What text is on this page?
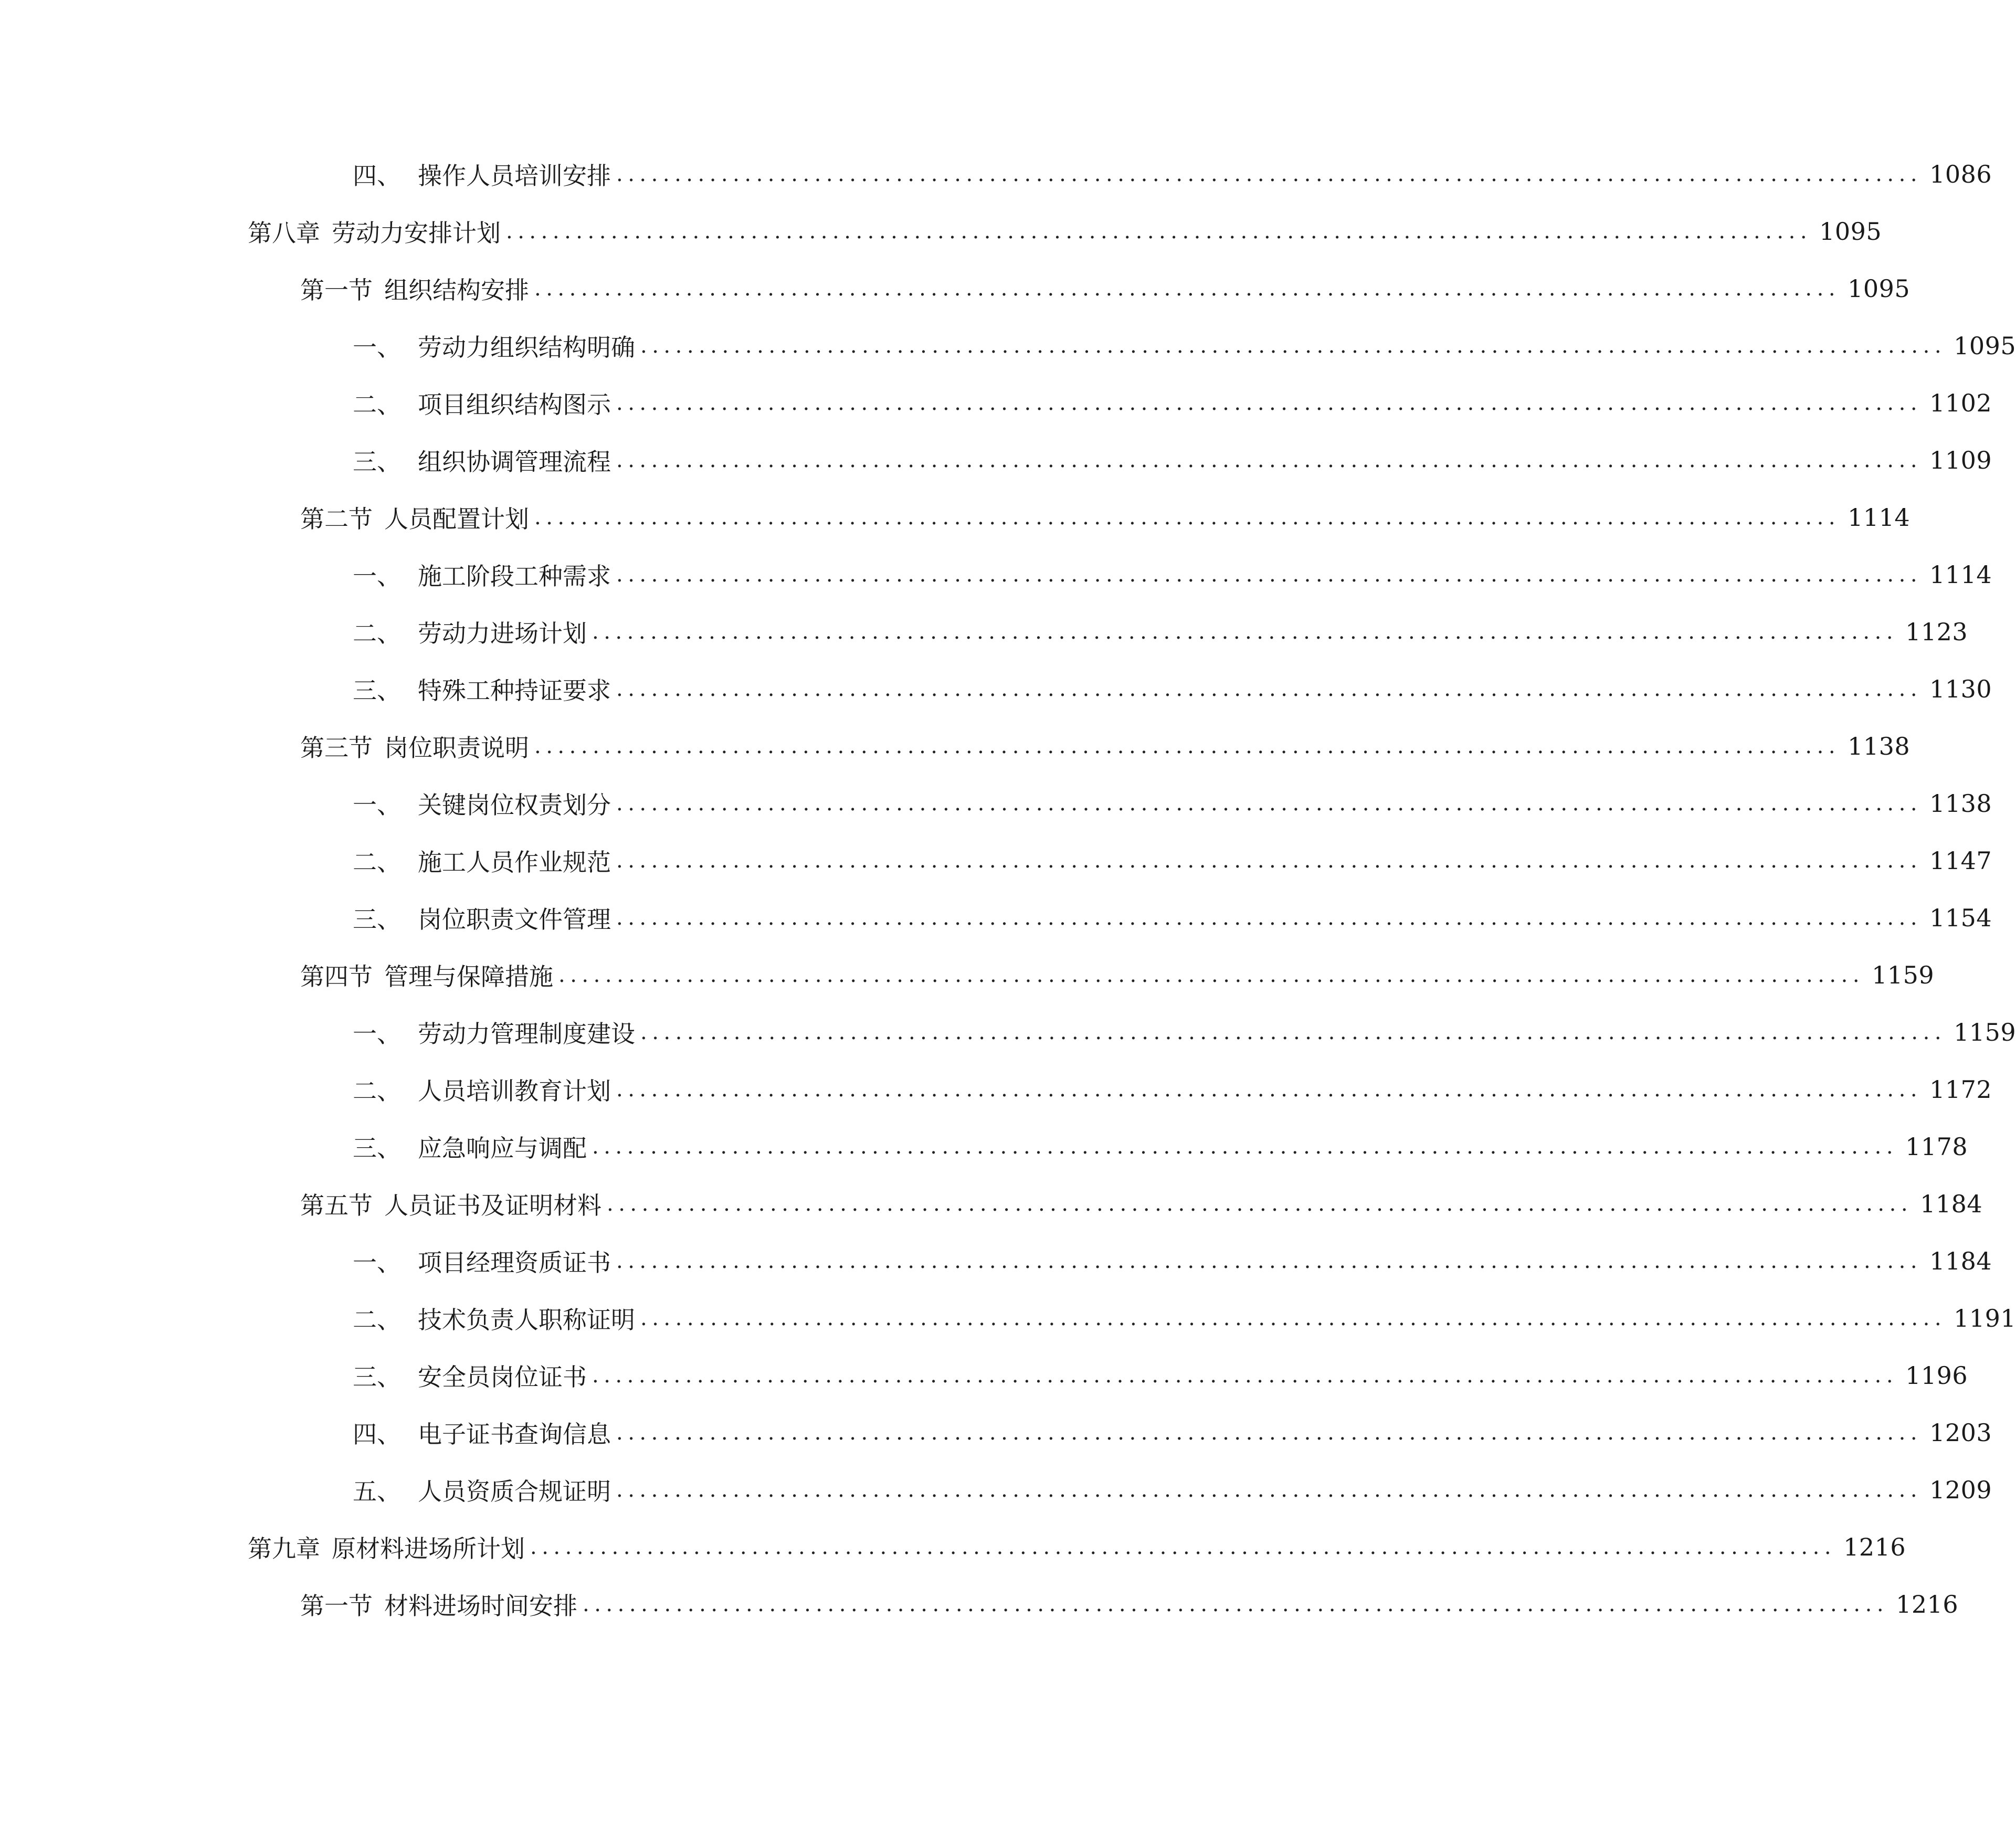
四、 操作人员培训安排 ................................................................................................................ 1086
第八章 劳动力安排计划 ................................................................................................................ 1095
第一节 组织结构安排 ................................................................................................................ 1095
一、 劳动力组织结构明确 ................................................................................................................ 1095
二、 项目组织结构图示 ................................................................................................................ 1102
三、 组织协调管理流程 ................................................................................................................ 1109
第二节 人员配置计划 ................................................................................................................ 1114
一、 施工阶段工种需求 ................................................................................................................ 1114
二、 劳动力进场计划 ................................................................................................................ 1123
三、 特殊工种持证要求 ................................................................................................................ 1130
第三节 岗位职责说明 ................................................................................................................ 1138
一、 关键岗位权责划分 ................................................................................................................ 1138
二、 施工人员作业规范 ................................................................................................................ 1147
三、 岗位职责文件管理 ................................................................................................................ 1154
第四节 管理与保障措施 ................................................................................................................ 1159
一、 劳动力管理制度建设 ................................................................................................................ 1159
二、 人员培训教育计划 ................................................................................................................ 1172
三、 应急响应与调配 ................................................................................................................ 1178
第五节 人员证书及证明材料 ................................................................................................................ 1184
一、 项目经理资质证书 ................................................................................................................ 1184
二、 技术负责人职称证明 ................................................................................................................ 1191
三、 安全员岗位证书 ................................................................................................................ 1196
四、 电子证书查询信息 ................................................................................................................ 1203
五、 人员资质合规证明 ................................................................................................................ 1209
第九章 原材料进场所计划 ................................................................................................................ 1216
第一节 材料进场时间安排 ................................................................................................................ 1216
